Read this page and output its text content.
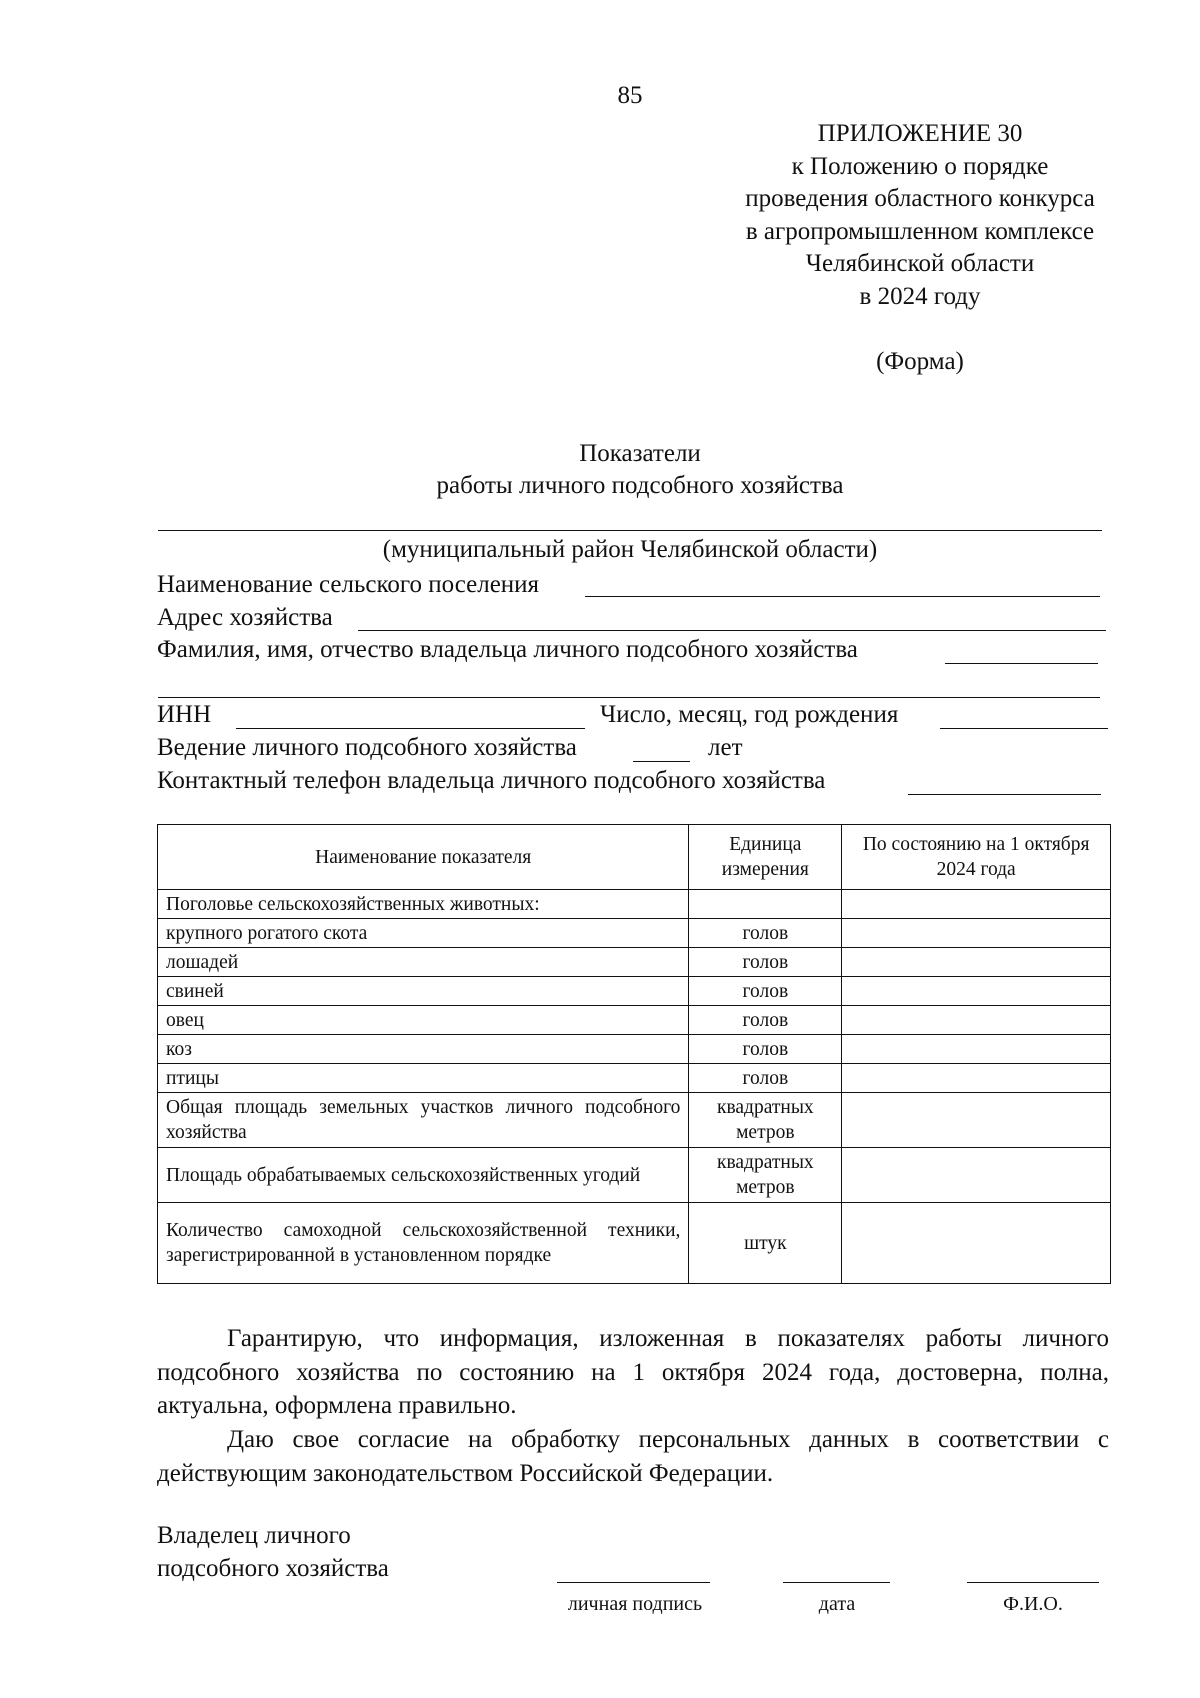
85
ПРИЛОЖЕНИЕ 30
к Положению о порядке
проведения областного конкурса
в агропромышленном комплексе
Челябинской области
в 2024 году
(Форма)
Показатели
работы личного подсобного хозяйства
(муниципальный район Челябинской области)
Наименование сельского поселения
Адрес хозяйства
Фамилия, имя, отчество владельца личного подсобного хозяйства
ИНН	Число, месяц, год рождения
Ведение личного подсобного хозяйства	лет
Контактный телефон владельца личного подсобного хозяйства
Наименование показателя	Единица измерения	По состоянию на 1 октября 2024 года
Поголовье сельскохозяйственных животных:		
крупного рогатого скота	голов	
лошадей	голов	
свиней	голов	
овец	голов	
коз	голов	
птицы	голов	
Общая площадь земельных участков личного подсобного хозяйства	квадратных метров	
Площадь обрабатываемых сельскохозяйственных угодий	квадратных метров	
Количество самоходной сельскохозяйственной техники, зарегистрированной в установленном порядке	штук	
Гарантирую, что информация, изложенная в показателях работы личного подсобного хозяйства по состоянию на 1 октября 2024 года, достоверна, полна, актуальна, оформлена правильно.
Даю свое согласие на обработку персональных данных в соответствии с действующим законодательством Российской Федерации.
Владелец личного
подсобного хозяйства
личная подпись	дата	Ф.И.О.
